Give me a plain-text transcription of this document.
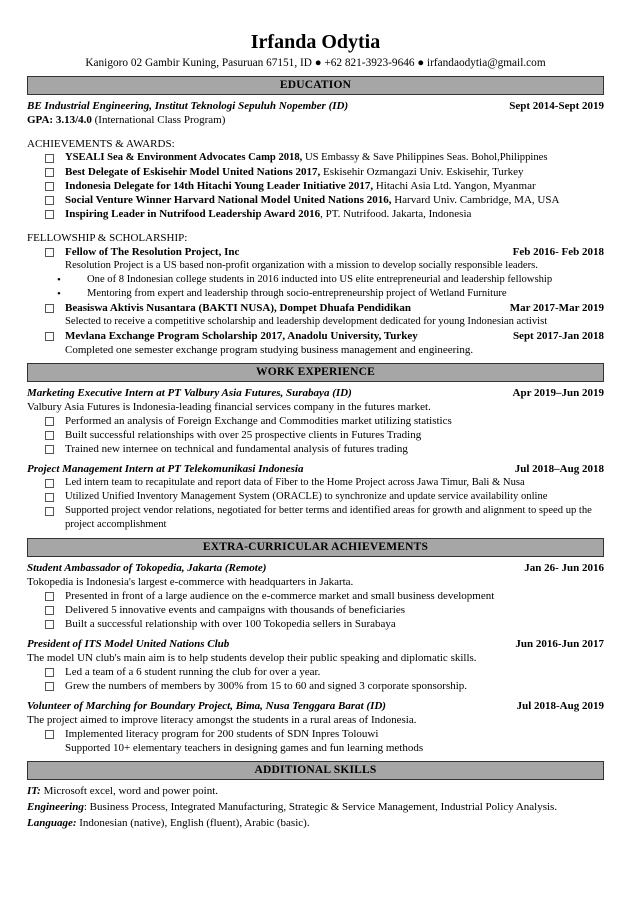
Irfanda Odytia
Kanigoro 02 Gambir Kuning, Pasuruan 67151, ID ● +62 821-3923-9646 ● irfandaodytia@gmail.com
EDUCATION
BE Industrial Engineering, Institut Teknologi Sepuluh Nopember (ID)	Sept 2014-Sept 2019
GPA: 3.13/4.0 (International Class Program)
ACHIEVEMENTS & AWARDS:
YSEALI Sea & Environment Advocates Camp 2018, US Embassy & Save Philippines Seas. Bohol,Philippines
Best Delegate of Eskisehir Model United Nations 2017, Eskisehir Ozmangazi Univ. Eskisehir, Turkey
Indonesia Delegate for 14th Hitachi Young Leader Initiative 2017, Hitachi Asia Ltd. Yangon, Myanmar
Social Venture Winner Harvard National Model United Nations 2016, Harvard Univ. Cambridge, MA, USA
Inspiring Leader in Nutrifood Leadership Award 2016, PT. Nutrifood. Jakarta, Indonesia
FELLOWSHIP & SCHOLARSHIP:
Fellow of The Resolution Project, Inc	Feb 2016- Feb 2018
Resolution Project is a US based non-profit organization with a mission to develop socially responsible leaders.
• One of 8 Indonesian college students in 2016 inducted into US elite entrepreneurial and leadership fellowship
• Mentoring from expert and leadership through socio-entrepreneurship project of Wetland Furniture
Beasiswa Aktivis Nusantara (BAKTI NUSA), Dompet Dhuafa Pendidikan	Mar 2017-Mar 2019
Selected to receive a competitive scholarship and leadership development dedicated for young Indonesian activist
Mevlana Exchange Program Scholarship 2017, Anadolu University, Turkey	Sept 2017-Jan 2018
Completed one semester exchange program studying business management and engineering.
WORK EXPERIENCE
Marketing Executive Intern at PT Valbury Asia Futures, Surabaya (ID)	Apr 2019–Jun 2019
Valbury Asia Futures is Indonesia-leading financial services company in the futures market.
Performed an analysis of Foreign Exchange and Commodities market utilizing statistics
Built successful relationships with over 25 prospective clients in Futures Trading
Trained new internee on technical and fundamental analysis of futures trading
Project Management Intern at PT Telekomunikasi Indonesia	Jul 2018–Aug 2018
Led intern team to recapitulate and report data of Fiber to the Home Project across Jawa Timur, Bali & Nusa
Utilized Unified Inventory Management System (ORACLE) to synchronize and update service availability online
Supported project vendor relations, negotiated for better terms and identified areas for growth and alignment to speed up the project accomplishment
EXTRA-CURRICULAR ACHIEVEMENTS
Student Ambassador of Tokopedia, Jakarta (Remote)	Jan 26- Jun 2016
Tokopedia is Indonesia's largest e-commerce with headquarters in Jakarta.
Presented in front of a large audience on the e-commerce market and small business development
Delivered 5 innovative events and campaigns with thousands of beneficiaries
Built a successful relationship with over 100 Tokopedia sellers in Surabaya
President of ITS Model United Nations Club	Jun 2016-Jun 2017
The model UN club's main aim is to help students develop their public speaking and diplomatic skills.
Led a team of a 6 student running the club for over a year.
Grew the numbers of members by 300% from 15 to 60 and signed 3 corporate sponsorship.
Volunteer of Marching for Boundary Project, Bima, Nusa Tenggara Barat (ID)	Jul 2018-Aug 2019
The project aimed to improve literacy amongst the students in a rural areas of Indonesia.
Implemented literacy program for 200 students of SDN Inpres Tolouwi
Supported 10+ elementary teachers in designing games and fun learning methods
ADDITIONAL SKILLS
IT: Microsoft excel, word and power point.
Engineering: Business Process, Integrated Manufacturing, Strategic & Service Management, Industrial Policy Analysis.
Language: Indonesian (native), English (fluent), Arabic (basic).
